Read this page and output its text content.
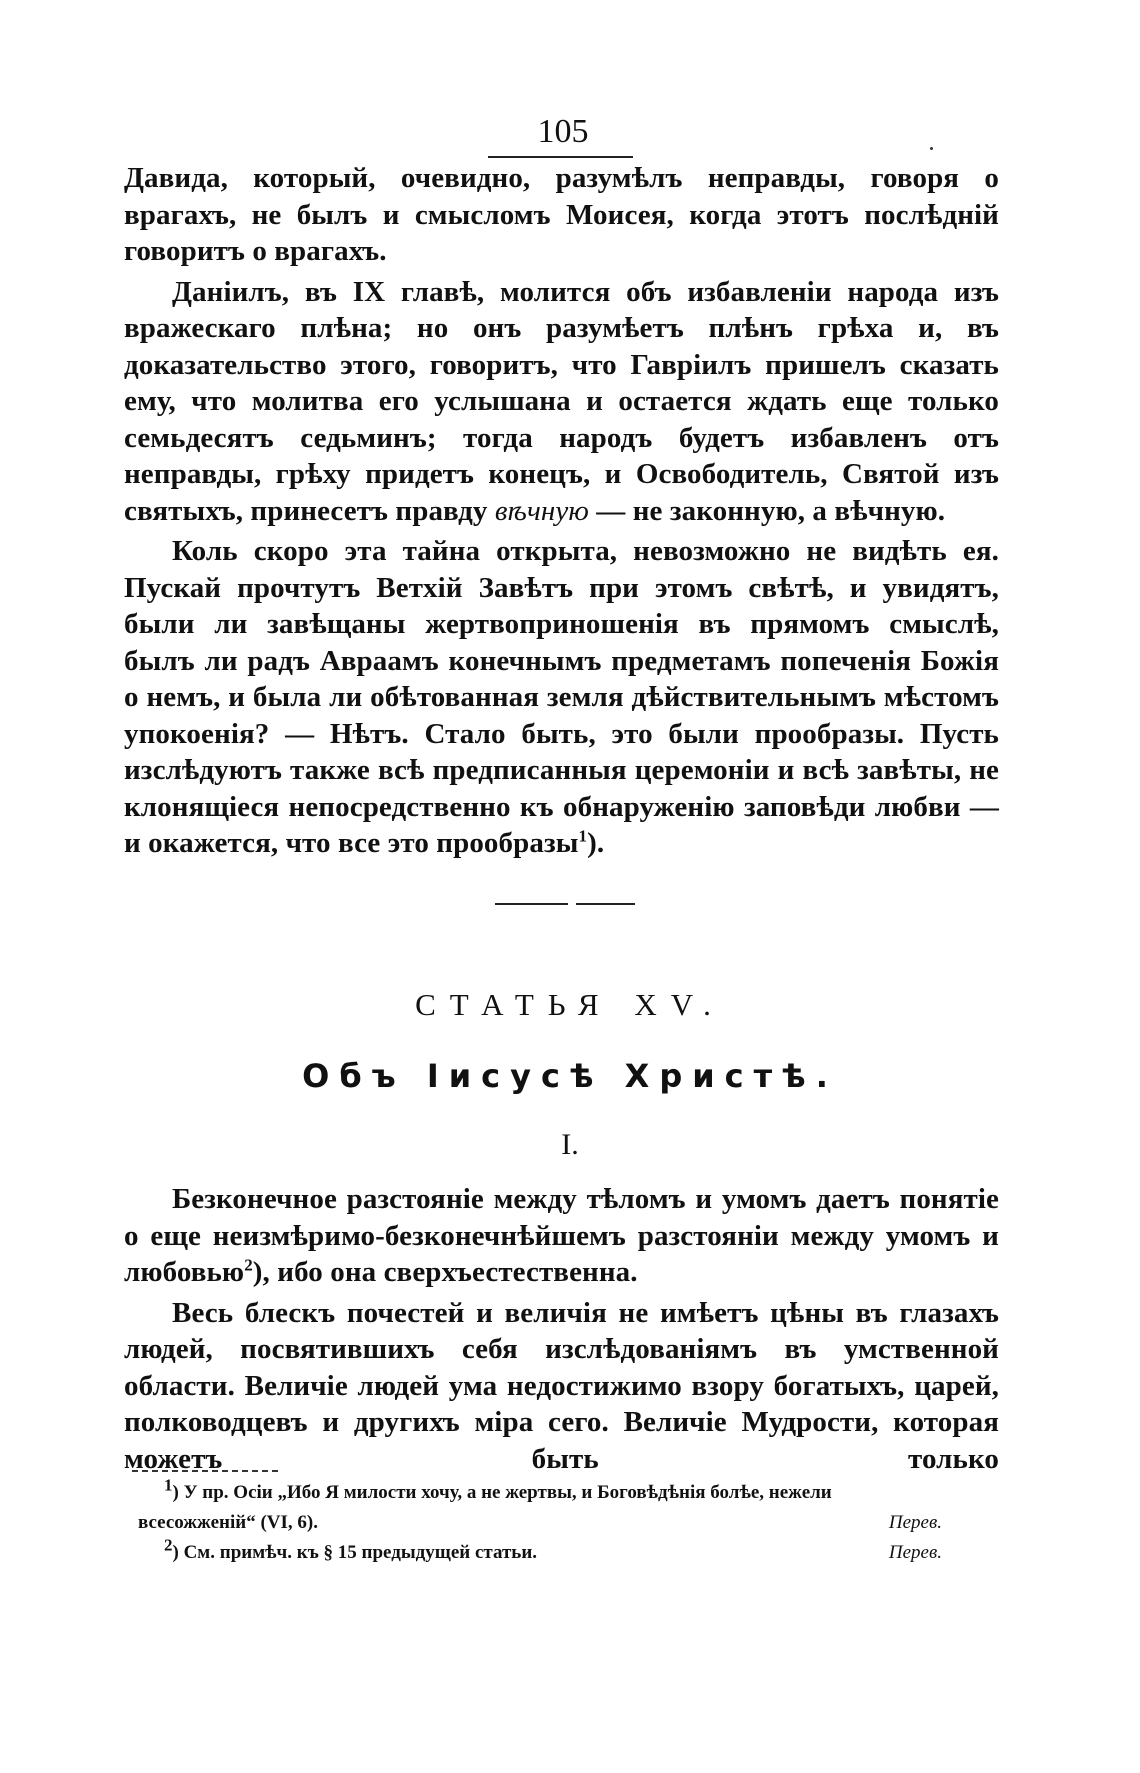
105

Давида, который, очевидно, разумѣлъ неправды, говоря о врагахъ, не былъ и смысломъ Моисея, когда этотъ послѣднiй говоритъ о врагахъ.

Данiилъ, въ IX главѣ, молится объ избавленiи народа изъ вражескаго плѣна; но онъ разумѣетъ плѣнъ грѣха и, въ доказательство этого, говоритъ, что Гаврiилъ пришелъ сказать ему, что молитва его услышана и остается ждать еще только семьдесятъ седьминъ; тогда народъ будетъ избавленъ отъ неправды, грѣху придетъ конецъ, и Освободитель, Святой изъ святыхъ, принесетъ правду вѣчную — не законную, а вѣчную.

Коль скоро эта тайна открыта, невозможно не видѣть ея. Пускай прочтутъ Ветхiй Завѣтъ при этомъ свѣтѣ, и увидятъ, были ли завѣщаны жертвоприношенiя въ прямомъ смыслѣ, былъ ли радъ Авраамъ конечнымъ предметамъ попеченiя Божiя о немъ, и была ли обѣтованная земля дѣйствительнымъ мѣстомъ упокоенiя? — Нѣтъ. Стало быть, это были прообразы. Пусть изслѣдуютъ также всѣ предписанныя церемонiи и всѣ завѣты, не клонящiеся непосредственно къ обнаруженiю заповѣди любви — и окажется, что все это прообразы$^1$).

СТАТЬЯ XV.
Объ Iисусѣ Христѣ.
I.

Безконечное разстоянiе между тѣломъ и умомъ даетъ понятiе о еще неизмѣримо-безконечнѣйшемъ разстоянiи между умомъ и любовью$^2$), ибо она сверхъестественна.

Весь блескъ почестей и величiя не имѣетъ цѣны въ глазахъ людей, посвятившихъ себя изслѣдованiямъ въ умственной области. Величiе людей ума недостижимо взору богатыхъ, царей, полководцевъ и другихъ мiра сего. Величiе Мудрости, которая можетъ быть только

$^1$) У пр. Осiи „Ибо Я милости хочу, а не жертвы, и Боговѣдѣнiя болѣе, нежели
всесожженiй“ (VI, 6).	Перев.
$^2$) См. примѣч. къ § 15 предыдущей статьи.	Перев.
